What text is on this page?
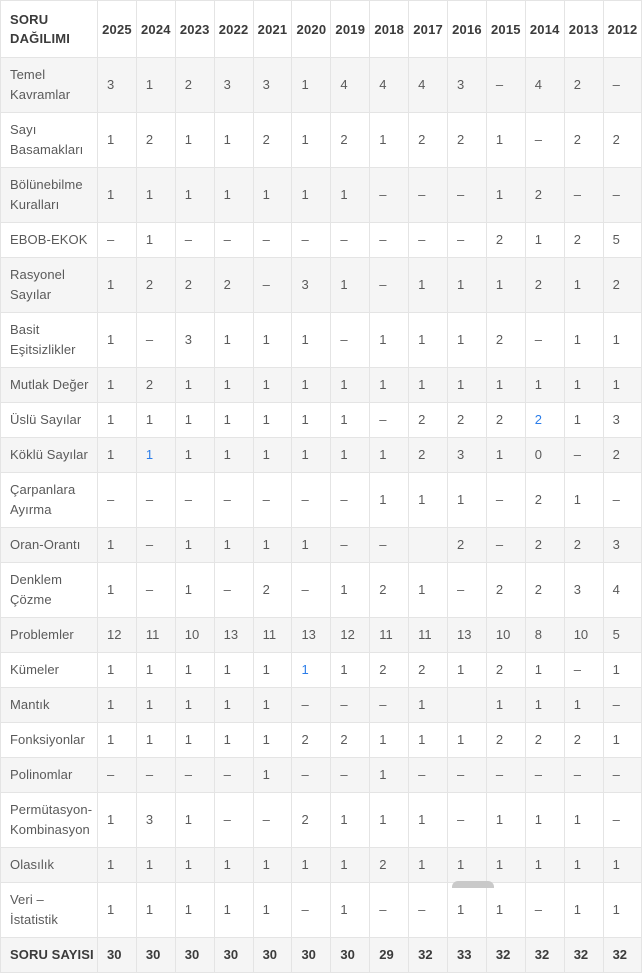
SORU DAĞILIMI	2025	2024	2023	2022	2021	2020	2019	2018	2017	2016	2015	2014	2013	2012
Temel Kavramlar	3	1	2	3	3	1	4	4	4	3	–	4	2	–
Sayı Basamakları	1	2	1	1	2	1	2	1	2	2	1	–	2	2
Bölünebilme Kuralları	1	1	1	1	1	1	1	–	–	–	1	2	–	–
EBOB-EKOK	–	1	–	–	–	–	–	–	–	–	2	1	2	5
Rasyonel Sayılar	1	2	2	2	–	3	1	–	1	1	1	2	1	2
Basit Eşitsizlikler	1	–	3	1	1	1	–	1	1	1	2	–	1	1
Mutlak Değer	1	2	1	1	1	1	1	1	1	1	1	1	1	1
Üslü Sayılar	1	1	1	1	1	1	1	–	2	2	2	2	1	3
Köklü Sayılar	1	1	1	1	1	1	1	1	2	3	1	0	–	2
Çarpanlara Ayırma	–	–	–	–	–	–	–	1	1	1	–	2	1	–
Oran-Orantı	1	–	1	1	1	1	–	–		2	–	2	2	3
Denklem Çözme	1	–	1	–	2	–	1	2	1	–	2	2	3	4
Problemler	12	11	10	13	11	13	12	11	11	13	10	8	10	5
Kümeler	1	1	1	1	1	1	1	2	2	1	2	1	–	1
Mantık	1	1	1	1	1	–	–	–	1		1	1	1	–
Fonksiyonlar	1	1	1	1	1	2	2	1	1	1	2	2	2	1
Polinomlar	–	–	–	–	1	–	–	1	–	–	–	–	–	–
Permütasyon-Kombinasyon	1	3	1	–	–	2	1	1	1	–	1	1	1	–
Olasılık	1	1	1	1	1	1	1	2	1	1	1	1	1	1
Veri – İstatistik	1	1	1	1	1	–	1	–	–	1	1	–	1	1
SORU SAYISI	30	30	30	30	30	30	30	29	32	33	32	32	32	32
